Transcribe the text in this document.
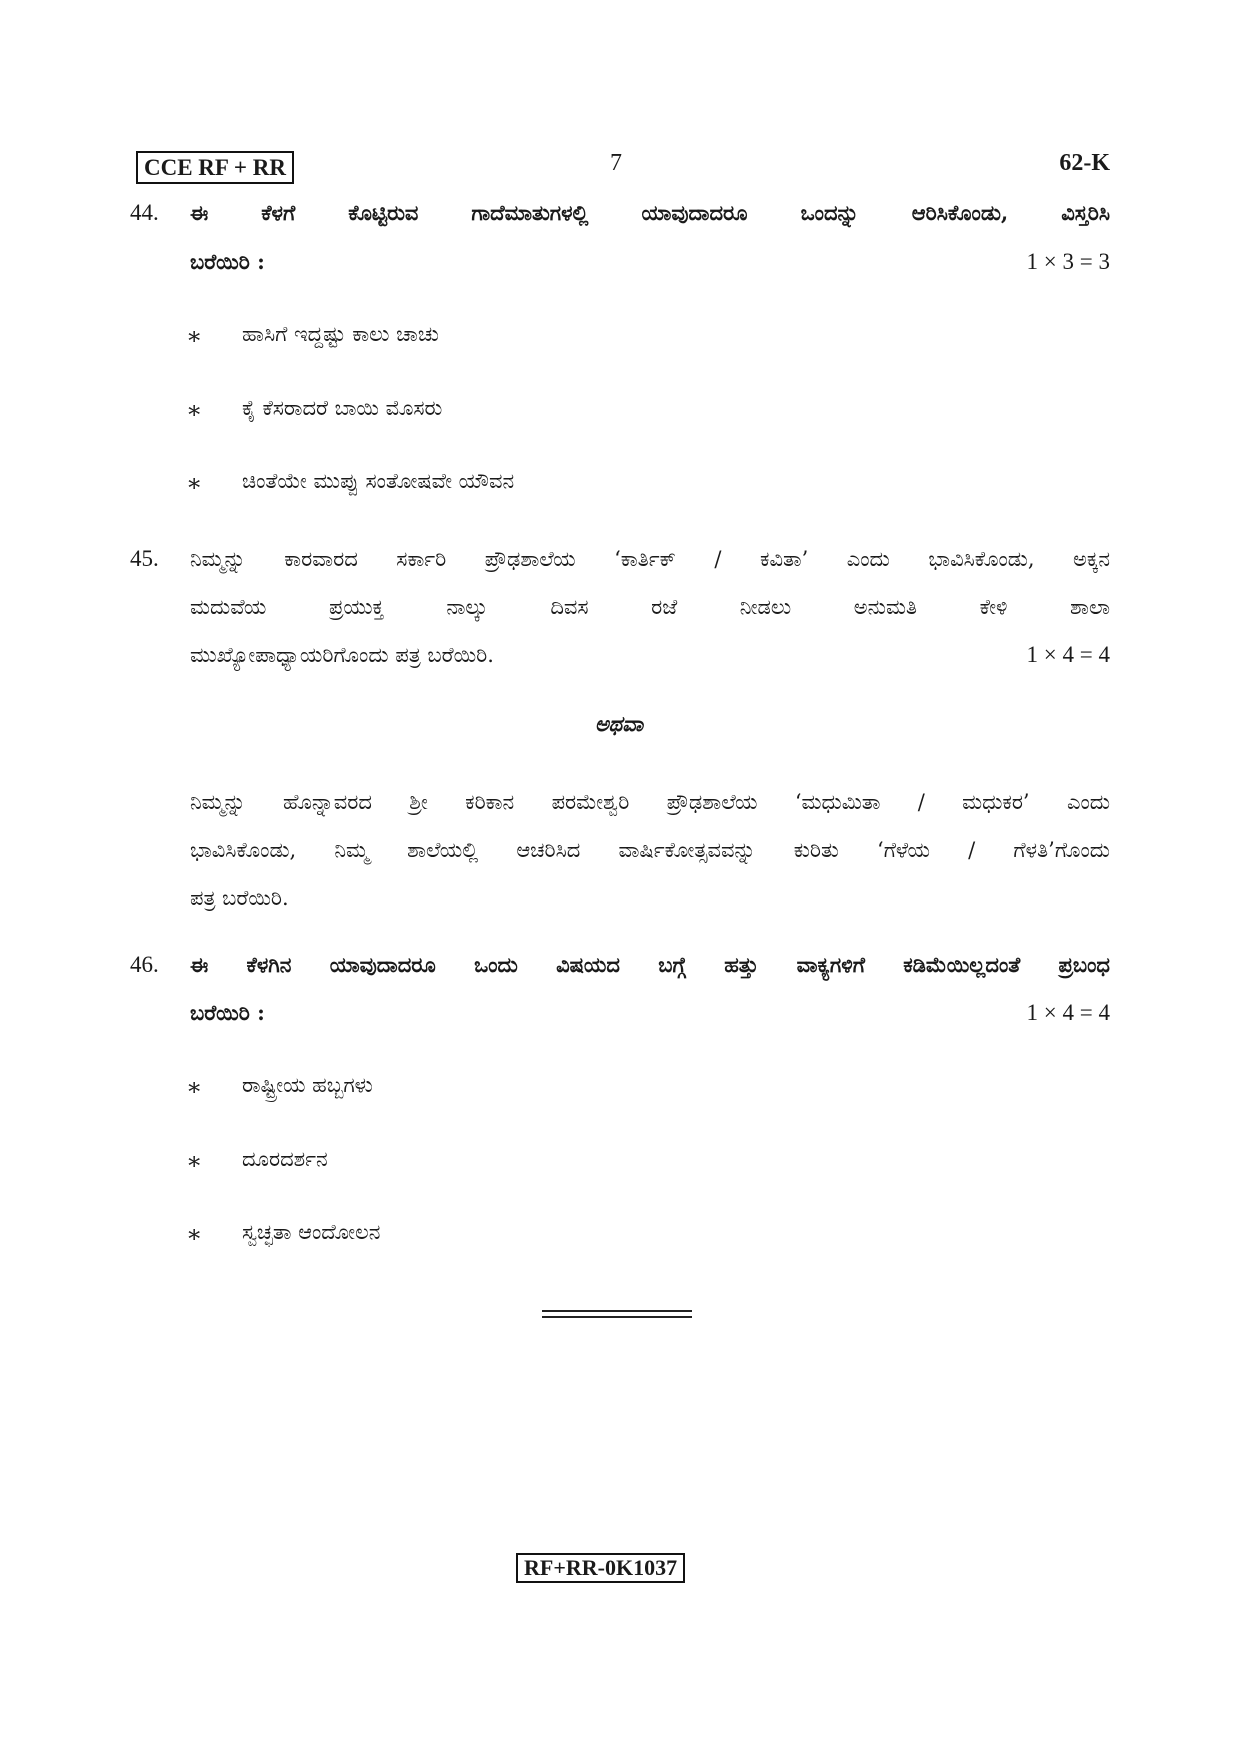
CCE RF + RR	7	62-K
44. ಈ ಕೆಳಗೆ ಕೊಟ್ಟಿರುವ ಗಾದೆಮಾತುಗಳಲ್ಲಿ ಯಾವುದಾದರೂ ಒಂದನ್ನು ಆರಿಸಿಕೊಂಡು, ವಿಸ್ತರಿಸಿ
ಬರೆಯಿರಿ :	1 × 3 = 3
∗ ಹಾಸಿಗೆ ಇದ್ದಷ್ಟು ಕಾಲು ಚಾಚು
∗ ಕೈ ಕೆಸರಾದರೆ ಬಾಯಿ ಮೊಸರು
∗ ಚಿಂತೆಯೇ ಮುಪ್ಪು ಸಂತೋಷವೇ ಯೌವನ
45. ನಿಮ್ಮನ್ನು ಕಾರವಾರದ ಸರ್ಕಾರಿ ಪ್ರೌಢಶಾಲೆಯ ‘ಕಾರ್ತಿಕ್ / ಕವಿತಾ’ ಎಂದು ಭಾವಿಸಿಕೊಂಡು, ಅಕ್ಕನ
ಮದುವೆಯ ಪ್ರಯುಕ್ತ ನಾಲ್ಕು ದಿವಸ ರಜೆ ನೀಡಲು ಅನುಮತಿ ಕೇಳಿ ಶಾಲಾ
ಮುಖ್ಯೋಪಾಧ್ಯಾಯರಿಗೊಂದು ಪತ್ರ ಬರೆಯಿರಿ.	1 × 4 = 4
ಅಥವಾ
ನಿಮ್ಮನ್ನು ಹೊನ್ನಾವರದ ಶ್ರೀ ಕರಿಕಾನ ಪರಮೇಶ್ವರಿ ಪ್ರೌಢಶಾಲೆಯ ‘ಮಧುಮಿತಾ / ಮಧುಕರ’ ಎಂದು
ಭಾವಿಸಿಕೊಂಡು, ನಿಮ್ಮ ಶಾಲೆಯಲ್ಲಿ ಆಚರಿಸಿದ ವಾರ್ಷಿಕೋತ್ಸವವನ್ನು ಕುರಿತು ‘ಗೆಳೆಯ / ಗೆಳತಿ’ಗೊಂದು
ಪತ್ರ ಬರೆಯಿರಿ.
46. ಈ ಕೆಳಗಿನ ಯಾವುದಾದರೂ ಒಂದು ವಿಷಯದ ಬಗ್ಗೆ ಹತ್ತು ವಾಕ್ಯಗಳಿಗೆ ಕಡಿಮೆಯಿಲ್ಲದಂತೆ ಪ್ರಬಂಧ
ಬರೆಯಿರಿ :	1 × 4 = 4
∗ ರಾಷ್ಟ್ರೀಯ ಹಬ್ಬಗಳು
∗ ದೂರದರ್ಶನ
∗ ಸ್ವಚ್ಛತಾ ಆಂದೋಲನ
RF+RR-0K1037
